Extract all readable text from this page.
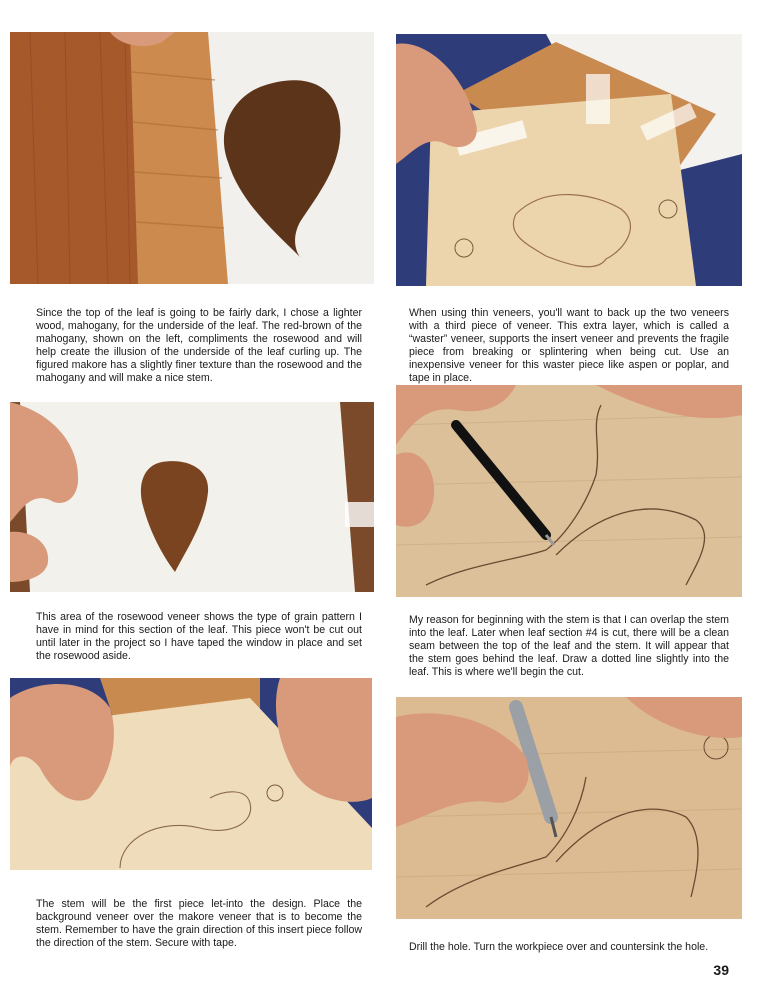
Since the top of the leaf is going to be fairly dark, I chose a lighter wood, mahogany, for the underside of the leaf. The red-brown of the mahogany, shown on the left, compliments the rosewood and will help create the illusion of the underside of the leaf curling up. The figured makore has a slightly finer texture than the rosewood and the mahogany and will make a nice stem.

When using thin veneers, you'll want to back up the two veneers with a third piece of veneer. This extra layer, which is called a “waster” veneer, supports the insert veneer and prevents the fragile piece from breaking or splintering when being cut. Use an inexpensive veneer for this waster piece like aspen or poplar, and tape in place.

This area of the rosewood veneer shows the type of grain pattern I have in mind for this section of the leaf. This piece won't be cut out until later in the project so I have taped the window in place and set the rosewood aside.

My reason for beginning with the stem is that I can overlap the stem into the leaf. Later when leaf section #4 is cut, there will be a clean seam between the top of the leaf and the stem. It will appear that the stem goes behind the leaf. Draw a dotted line slightly into the leaf. This is where we'll begin the cut.

The stem will be the first piece let-into the design. Place the background veneer over the makore veneer that is to become the stem. Remember to have the grain direction of this insert piece follow the direction of the stem. Secure with tape.	Drill the hole. Turn the workpiece over and countersink the hole.

39
